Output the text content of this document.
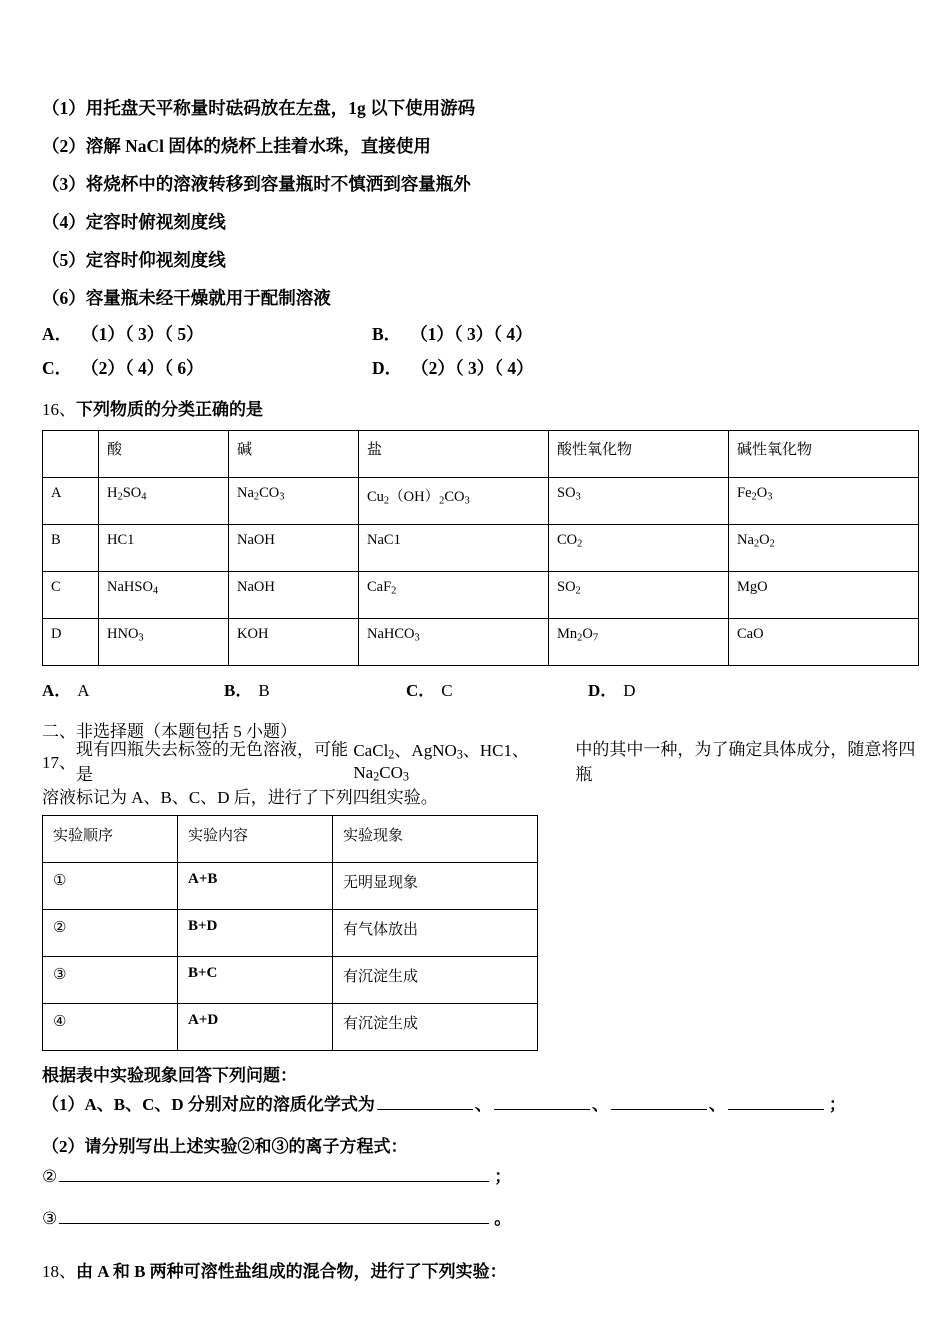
（1）用托盘天平称量时砝码放在左盘，1g 以下使用游码
（2）溶解 NaCl 固体的烧杯上挂着水珠，直接使用
（3）将烧杯中的溶液转移到容量瓶时不慎洒到容量瓶外
（4）定容时俯视刻度线
（5）定容时仰视刻度线
（6）容量瓶未经干燥就用于配制溶液
A． （1）（ 3）（ 5）	B． （1）（ 3）（ 4）
C． （2）（ 4）（ 6）	D． （2）（ 3）（ 4）
16、 下列物质的分类正确的是
	酸	碱	盐	酸性氧化物	碱性氧化物
A	$H_2SO_4$	$Na_2CO_3$	$Cu_2(OH)_2CO_3$	$SO_3$	$Fe_2O_3$
B	HC1	NaOH	NaC1	$CO_2$	$Na_2O_2$
C	NaHSO$_4$	NaOH	CaF$_2$	$SO_2$	MgO
D	$HNO_3$	KOH	NaHCO$_3$	$Mn_2O_7$	CaO
A． A	B． B	C． C	D． D
二、非选择题（本题包括 5 小题）
17、
现有四瓶失去标签的无色溶液，可能是
CaCl$_2$、AgNO$_3$、HC1、$Na_2CO_3$
中的其中一种，为了确定具体成分，随意将四瓶
溶液标记为 A、B、C、D 后，进行了下列四组实验。
实验顺序	实验内容	实验现象
①	A+B	无明显现象
②	B+D	有气体放出
③	B+C	有沉淀生成
④	A+D	有沉淀生成
根据表中实验现象回答下列问题：
（1）A、B、C、D 分别对应的溶质化学式为	、	、	、	；
（2）请分别写出上述实验②和③的离子方程式：
②	；
③	。
18、 由 A 和 B 两种可溶性盐组成的混合物，进行了下列实验：
